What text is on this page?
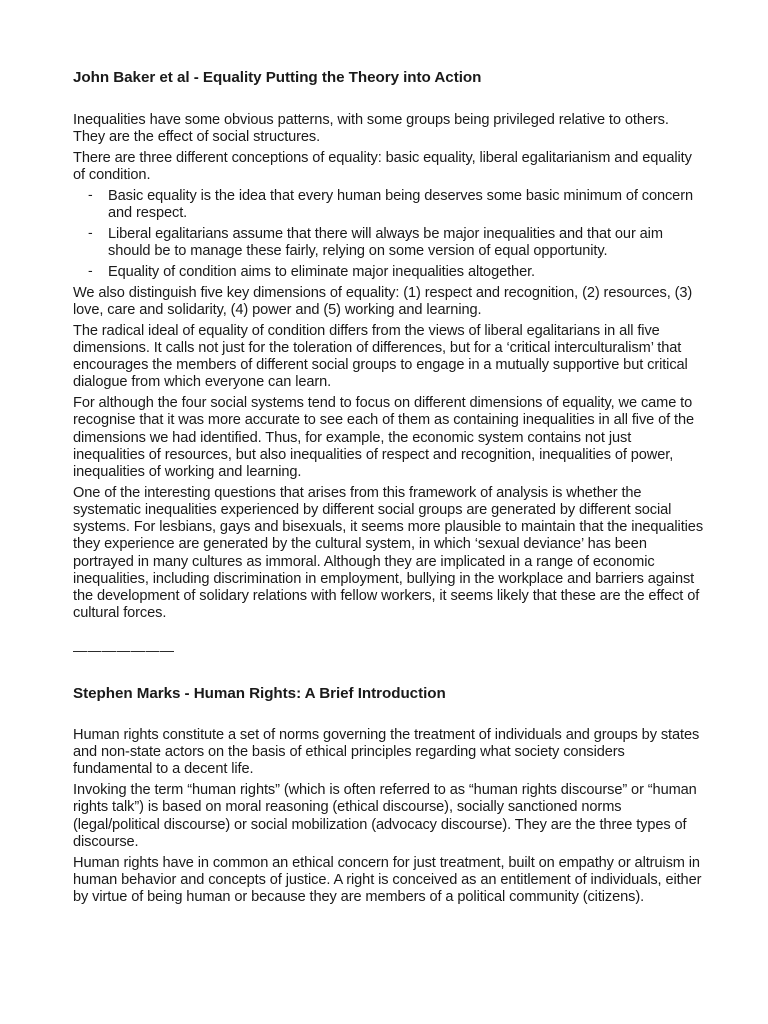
John Baker et al - Equality Putting the Theory into Action

Inequalities have some obvious patterns, with some groups being privileged relative to others. They are the effect of social structures.

There are three different conceptions of equality: basic equality, liberal egalitarianism and equality of condition.

- Basic equality is the idea that every human being deserves some basic minimum of concern and respect.
- Liberal egalitarians assume that there will always be major inequalities and that our aim should be to manage these fairly, relying on some version of equal opportunity.
- Equality of condition aims to eliminate major inequalities altogether.

We also distinguish five key dimensions of equality: (1) respect and recognition, (2) resources, (3) love, care and solidarity, (4) power and (5) working and learning.

The radical ideal of equality of condition differs from the views of liberal egalitarians in all five dimensions. It calls not just for the toleration of differences, but for a ‘critical interculturalism’ that encourages the members of different social groups to engage in a mutually supportive but critical dialogue from which everyone can learn.

For although the four social systems tend to focus on different dimensions of equality, we came to recognise that it was more accurate to see each of them as containing inequalities in all five of the dimensions we had identified. Thus, for example, the economic system contains not just inequalities of resources, but also inequalities of respect and recognition, inequalities of power, inequalities of working and learning.

One of the interesting questions that arises from this framework of analysis is whether the systematic inequalities experienced by different social groups are generated by different social systems. For lesbians, gays and bisexuals, it seems more plausible to maintain that the inequalities they experience are generated by the cultural system, in which ‘sexual deviance’ has been portrayed in many cultures as immoral. Although they are implicated in a range of economic inequalities, including discrimination in employment, bullying in the workplace and barriers against the development of solidary relations with fellow workers, it seems likely that these are the effect of cultural forces.

———————
Stephen Marks - Human Rights: A Brief Introduction

Human rights constitute a set of norms governing the treatment of individuals and groups by states and non-state actors on the basis of ethical principles regarding what society considers fundamental to a decent life.

Invoking the term “human rights” (which is often referred to as “human rights discourse” or “human rights talk”) is based on moral reasoning (ethical discourse), socially sanctioned norms (legal/political discourse) or social mobilization (advocacy discourse). They are the three types of discourse.

Human rights have in common an ethical concern for just treatment, built on empathy or altruism in human behavior and concepts of justice. A right is conceived as an entitlement of individuals, either by virtue of being human or because they are members of a political community (citizens).
